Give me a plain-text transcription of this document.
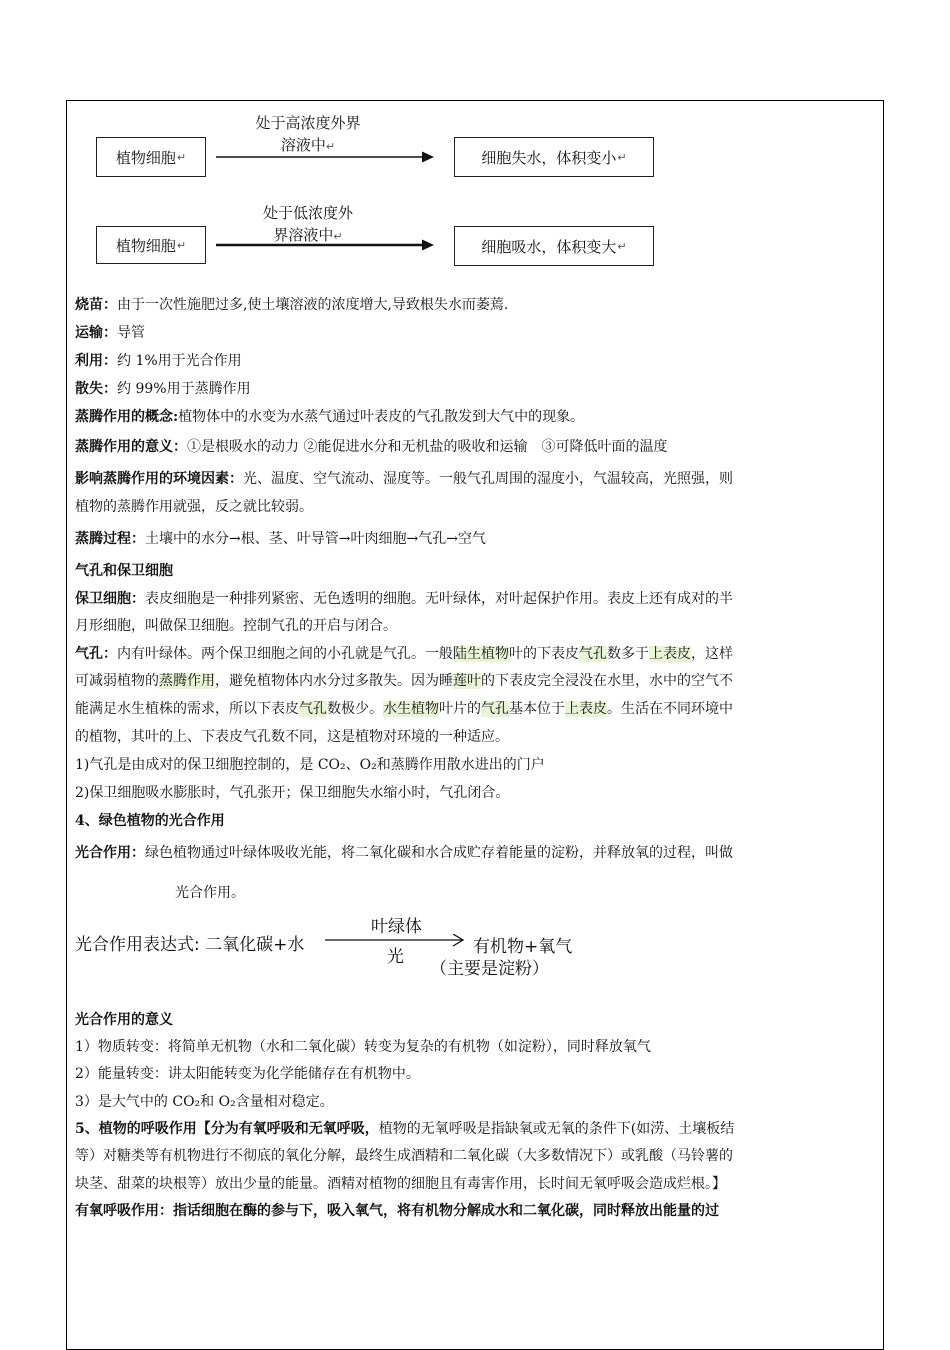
植物细胞 ↵
处于高浓度外界
溶液中↵
细胞失水，体积变小 ↵
植物细胞 ↵
处于低浓度外
界溶液中↵
细胞吸水，体积变大 ↵
烧苗：由于一次性施肥过多,使土壤溶液的浓度增大,导致根失水而萎蔫.
运输：导管
利用：约 1%用于光合作用
散失：约 99%用于蒸腾作用
蒸腾作用的概念:植物体中的水变为水蒸气通过叶表皮的气孔散发到大气中的现象。
蒸腾作用的意义：①是根吸水的动力 ②能促进水分和无机盐的吸收和运输　③可降低叶面的温度
影响蒸腾作用的环境因素：光、温度、空气流动、湿度等。一般气孔周围的湿度小，气温较高，光照强，则
植物的蒸腾作用就强，反之就比较弱。
蒸腾过程：土壤中的水分→根、茎、叶导管→叶肉细胞→气孔→空气
气孔和保卫细胞
保卫细胞：表皮细胞是一种排列紧密、无色透明的细胞。无叶绿体，对叶起保护作用。表皮上还有成对的半
月形细胞，叫做保卫细胞。控制气孔的开启与闭合。
气孔：内有叶绿体。两个保卫细胞之间的小孔就是气孔。一般陆生植物叶的下表皮气孔数多于上表皮，这样
可减弱植物的蒸腾作用，避免植物体内水分过多散失。因为睡莲叶的下表皮完全浸没在水里，水中的空气不
能满足水生植株的需求，所以下表皮气孔数极少。水生植物叶片的气孔基本位于上表皮。生活在不同环境中
的植物，其叶的上、下表皮气孔数不同，这是植物对环境的一种适应。
1)气孔是由成对的保卫细胞控制的，是 CO₂、O₂和蒸腾作用散水进出的门户
2)保卫细胞吸水膨胀时，气孔张开；保卫细胞失水缩小时，气孔闭合。
4、绿色植物的光合作用
光合作用：绿色植物通过叶绿体吸收光能，将二氧化碳和水合成贮存着能量的淀粉，并释放氧的过程，叫做
光合作用。
光合作用表达式: 二氧化碳+水
叶绿体
光	有机物+氧气
（主要是淀粉）
光合作用的意义
1）物质转变：将简单无机物（水和二氧化碳）转变为复杂的有机物（如淀粉），同时释放氧气
2）能量转变：讲太阳能转变为化学能储存在有机物中。
3）是大气中的 CO₂和 O₂含量相对稳定。
5、植物的呼吸作用【分为有氧呼吸和无氧呼吸，植物的无氧呼吸是指缺氧或无氧的条件下(如涝、土壤板结
等）对糖类等有机物进行不彻底的氧化分解，最终生成酒精和二氧化碳（大多数情况下）或乳酸（马铃薯的
块茎、甜菜的块根等）放出少量的能量。酒精对植物的细胞且有毒害作用，长时间无氧呼吸会造成烂根。】
有氧呼吸作用：指话细胞在酶的参与下，吸入氧气，将有机物分解成水和二氧化碳，同时释放出能量的过
